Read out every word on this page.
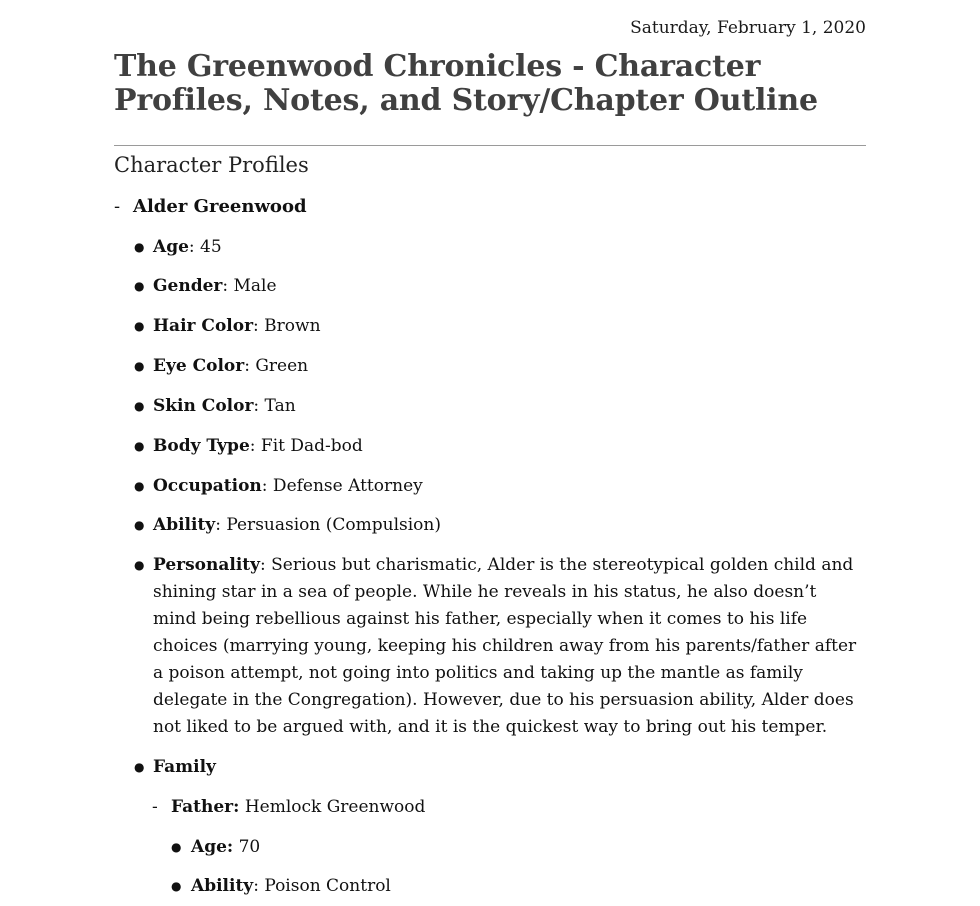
Saturday, February 1, 2020
The Greenwood Chronicles - Character Profiles, Notes, and Story/Chapter Outline
Character Profiles
- Alder Greenwood
● Age: 45
● Gender: Male
● Hair Color: Brown
● Eye Color: Green
● Skin Color: Tan
● Body Type: Fit Dad-bod
● Occupation: Defense Attorney
● Ability: Persuasion (Compulsion)
● Personality: Serious but charismatic, Alder is the stereotypical golden child and shining star in a sea of people. While he reveals in his status, he also doesn’t mind being rebellious against his father, especially when it comes to his life choices (marrying young, keeping his children away from his parents/father after a poison attempt, not going into politics and taking up the mantle as family delegate in the Congregation). However, due to his persuasion ability, Alder does not liked to be argued with, and it is the quickest way to bring out his temper.
● Family
- Father: Hemlock Greenwood
● Age: 70
● Ability: Poison Control
